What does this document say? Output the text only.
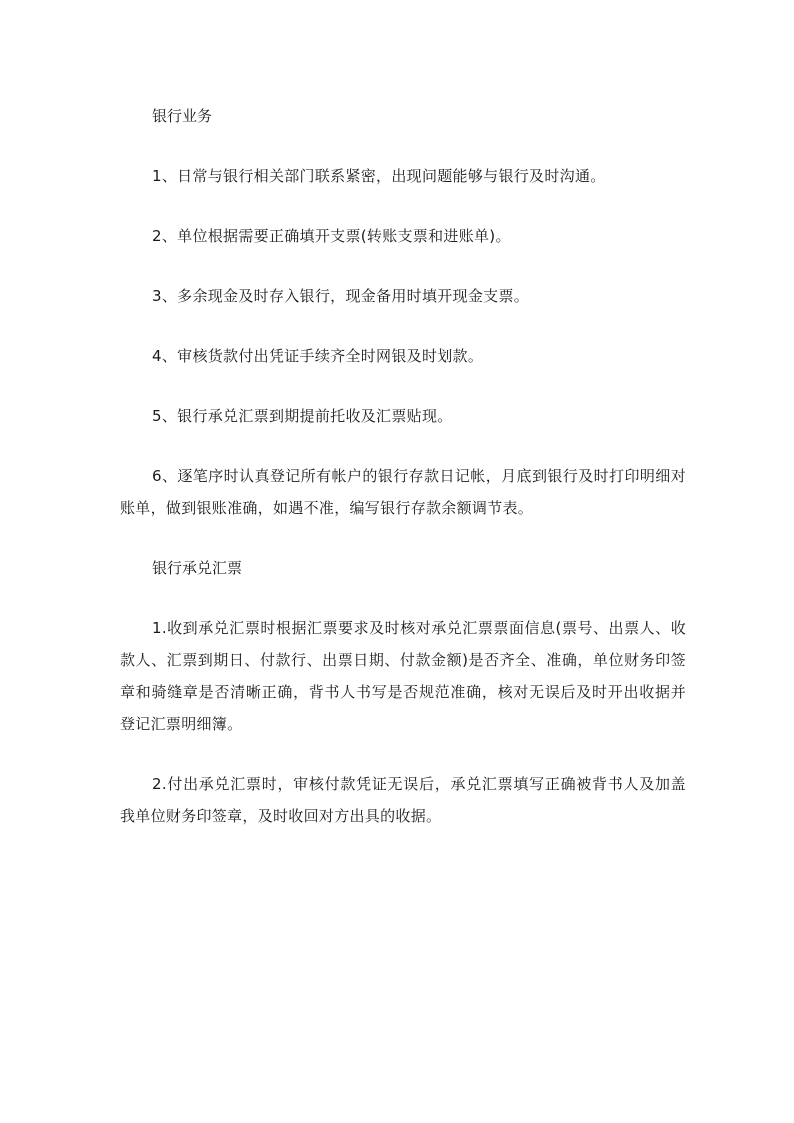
银行业务

1、日常与银行相关部门联系紧密，出现问题能够与银行及时沟通。

2、单位根据需要正确填开支票(转账支票和进账单)。

3、多余现金及时存入银行，现金备用时填开现金支票。

4、审核货款付出凭证手续齐全时网银及时划款。

5、银行承兑汇票到期提前托收及汇票贴现。

6、逐笔序时认真登记所有帐户的银行存款日记帐，月底到银行及时打印明细对账单，做到银账准确，如遇不准，编写银行存款余额调节表。

银行承兑汇票

1.收到承兑汇票时根据汇票要求及时核对承兑汇票票面信息(票号、出票人、收款人、汇票到期日、付款行、出票日期、付款金额)是否齐全、准确，单位财务印签章和骑缝章是否清晰正确，背书人书写是否规范准确，核对无误后及时开出收据并登记汇票明细簿。

2.付出承兑汇票时，审核付款凭证无误后，承兑汇票填写正确被背书人及加盖我单位财务印签章，及时收回对方出具的收据。
